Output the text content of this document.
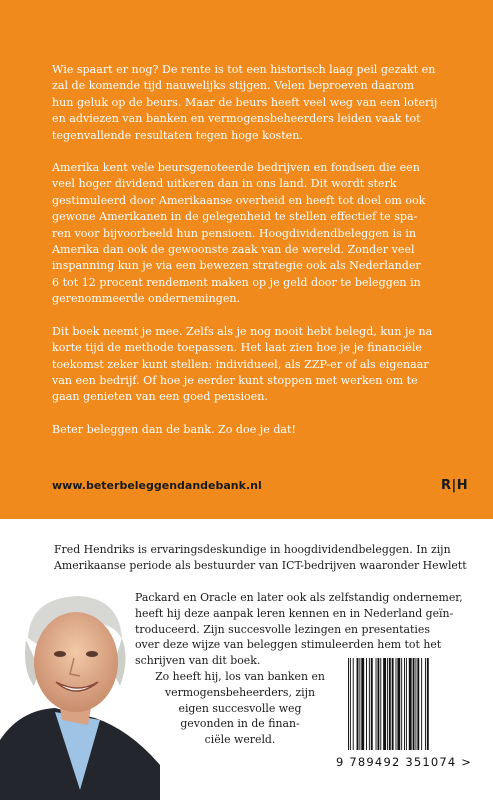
Wie spaart er nog? De rente is tot een historisch laag peil gezakt en
zal de komende tijd nauwelijks stijgen. Velen beproeven daarom
hun geluk op de beurs. Maar de beurs heeft veel weg van een loterij
en adviezen van banken en vermogensbeheerders leiden vaak tot
tegenvallende resultaten tegen hoge kosten.

Amerika kent vele beursgenoteerde bedrijven en fondsen die een
veel hoger dividend uitkeren dan in ons land. Dit wordt sterk
gestimuleerd door Amerikaanse overheid en heeft tot doel om ook
gewone Amerikanen in de gelegenheid te stellen effectief te spa-
ren voor bijvoorbeeld hun pensioen. Hoogdividendbeleggen is in
Amerika dan ook de gewoonste zaak van de wereld. Zonder veel
inspanning kun je via een bewezen strategie ook als Nederlander
6 tot 12 procent rendement maken op je geld door te beleggen in
gerenommeerde ondernemingen.

Dit boek neemt je mee. Zelfs als je nog nooit hebt belegd, kun je na
korte tijd de methode toepassen. Het laat zien hoe je je financiële
toekomst zeker kunt stellen: individueel, als ZZP-er of als eigenaar
van een bedrijf. Of hoe je eerder kunt stoppen met werken om te
gaan genieten van een goed pensioen.

Beter beleggen dan de bank. Zo doe je dat!

www.beterbeleggendandebank.nl	R|H
Fred Hendriks is ervaringsdeskundige in hoogdividendbeleggen. In zijn
Amerikaanse periode als bestuurder van ICT-bedrijven waaronder Hewlett
Packard en Oracle en later ook als zelfstandig ondernemer,
heeft hij deze aanpak leren kennen en in Nederland geïn-
troduceerd. Zijn succesvolle lezingen en presentaties
over deze wijze van beleggen stimuleerden hem tot het
schrijven van dit boek.
Zo heeft hij, los van banken en
vermogensbeheerders, zijn
eigen succesvolle weg
gevonden in de finan-
ciële wereld.
9 789492 351074 >
